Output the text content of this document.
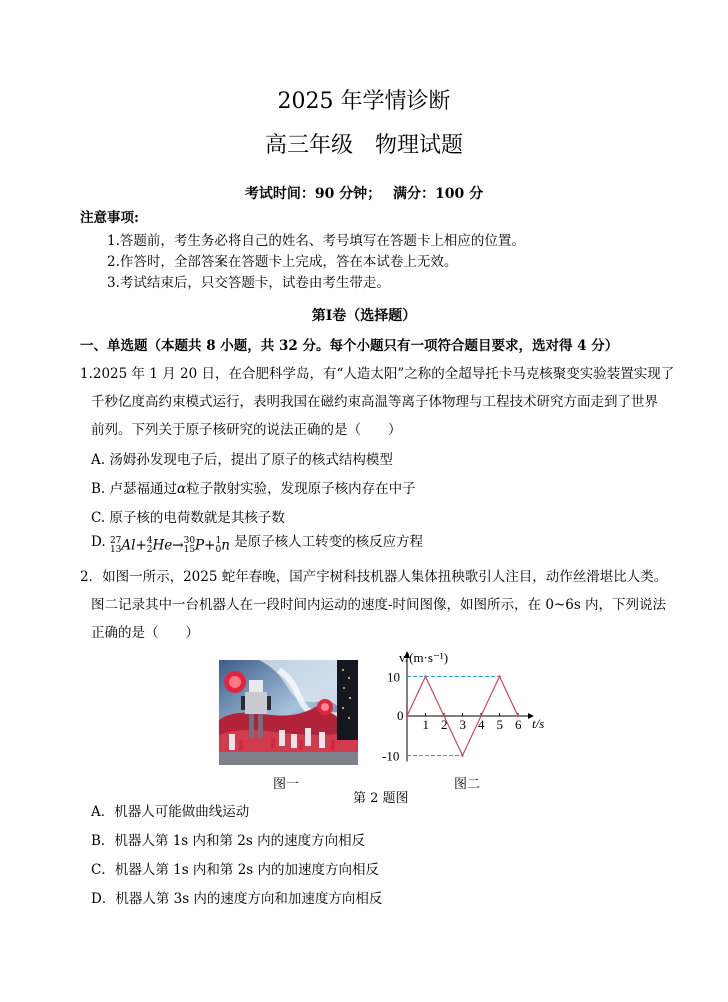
2025 年学情诊断
高三年级　物理试题
考试时间：90 分钟；　 满分：100 分
注意事项:
1.答题前，考生务必将自己的姓名、考号填写在答题卡上相应的位置。
2.作答时，全部答案在答题卡上完成，答在本试卷上无效。
3.考试结束后，只交答题卡，试卷由考生带走。
第Ⅰ卷（选择题）
一、单选题（本题共 8 小题，共 32 分。每个小题只有一项符合题目要求，选对得 4 分）
1.2025 年 1 月 20 日，在合肥科学岛，有“人造太阳”之称的全超导托卡马克核聚变实验装置实现了
千秒亿度高约束模式运行，表明我国在磁约束高温等离子体物理与工程技术研究方面走到了世界
前列。下列关于原子核研究的说法正确的是（　　）
A. 汤姆孙发现电子后，提出了原子的核式结构模型
B. 卢瑟福通过α粒子散射实验，发现原子核内存在中子
C. 原子核的电荷数就是其核子数
D. 27
13 Al+ 4
2 He→ 30
15 P+ 1
0 n 是原子核人工转变的核反应方程
2．如图一所示，2025 蛇年春晚，国产宇树科技机器人集体扭秧歌引人注目，动作丝滑堪比人类。
图二记录其中一台机器人在一段时间内运动的速度-时间图像，如图所示，在 0~6s 内，下列说法
正确的是（　　）
1 2 3 4 5 6
10
-10
0
v/(m·s⁻¹)
t/s
图一	图二
第 2 题图
A．机器人可能做曲线运动
B．机器人第 1s 内和第 2s 内的速度方向相反
C．机器人第 1s 内和第 2s 内的加速度方向相反
D．机器人第 3s 内的速度方向和加速度方向相反
